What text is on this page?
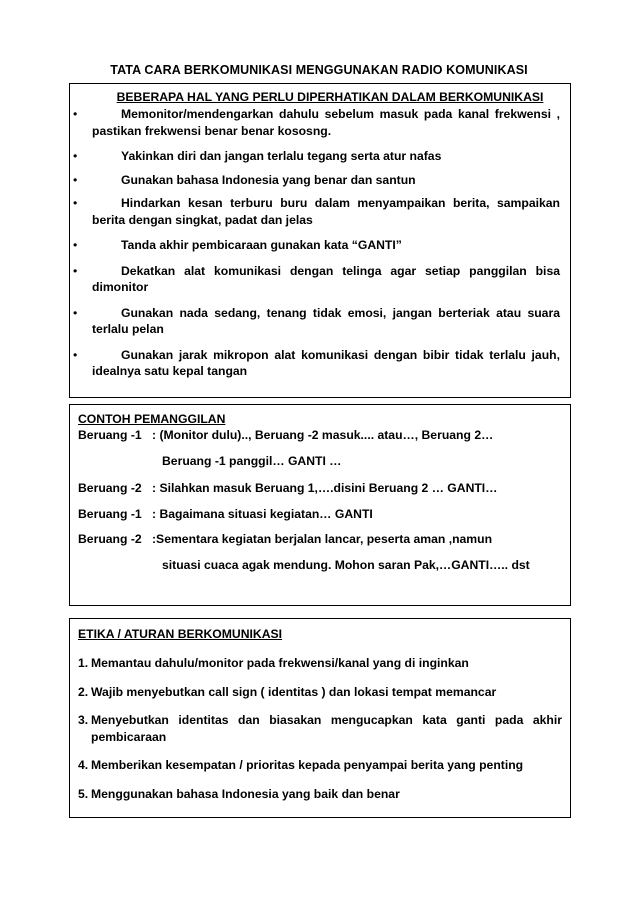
TATA CARA BERKOMUNIKASI MENGGUNAKAN RADIO KOMUNIKASI
BEBERAPA HAL YANG PERLU DIPERHATIKAN DALAM BERKOMUNIKASI
•	Memonitor/mendengarkan dahulu sebelum masuk pada kanal frekwensi , pastikan frekwensi benar benar kososng.
•	Yakinkan diri dan jangan terlalu tegang serta atur nafas
•	Gunakan bahasa Indonesia yang benar dan santun
•	Hindarkan kesan terburu buru dalam menyampaikan berita, sampaikan berita dengan singkat, padat dan jelas
•	Tanda akhir pembicaraan gunakan kata “GANTI”
•	Dekatkan alat komunikasi dengan telinga agar setiap panggilan bisa dimonitor
•	Gunakan nada sedang, tenang tidak emosi, jangan berteriak atau suara terlalu pelan
•	Gunakan jarak mikropon alat komunikasi dengan bibir tidak terlalu jauh, idealnya satu kepal tangan
CONTOH PEMANGGILAN
Beruang -1 : (Monitor dulu).., Beruang -2 masuk.... atau…, Beruang 2…
Beruang -1 panggil… GANTI …
Beruang -2 : Silahkan masuk Beruang 1,….disini Beruang 2 … GANTI…
Beruang -1 : Bagaimana situasi kegiatan… GANTI
Beruang -2 :Sementara kegiatan berjalan lancar, peserta aman ,namun
situasi cuaca agak mendung. Mohon saran Pak,…GANTI….. dst
ETIKA / ATURAN BERKOMUNIKASI
1. Memantau dahulu/monitor pada frekwensi/kanal yang di inginkan
2. Wajib menyebutkan call sign ( identitas ) dan lokasi tempat memancar
3. Menyebutkan identitas dan biasakan mengucapkan kata ganti pada akhir pembicaraan
4. Memberikan kesempatan / prioritas kepada penyampai berita yang penting
5. Menggunakan bahasa Indonesia yang baik dan benar
